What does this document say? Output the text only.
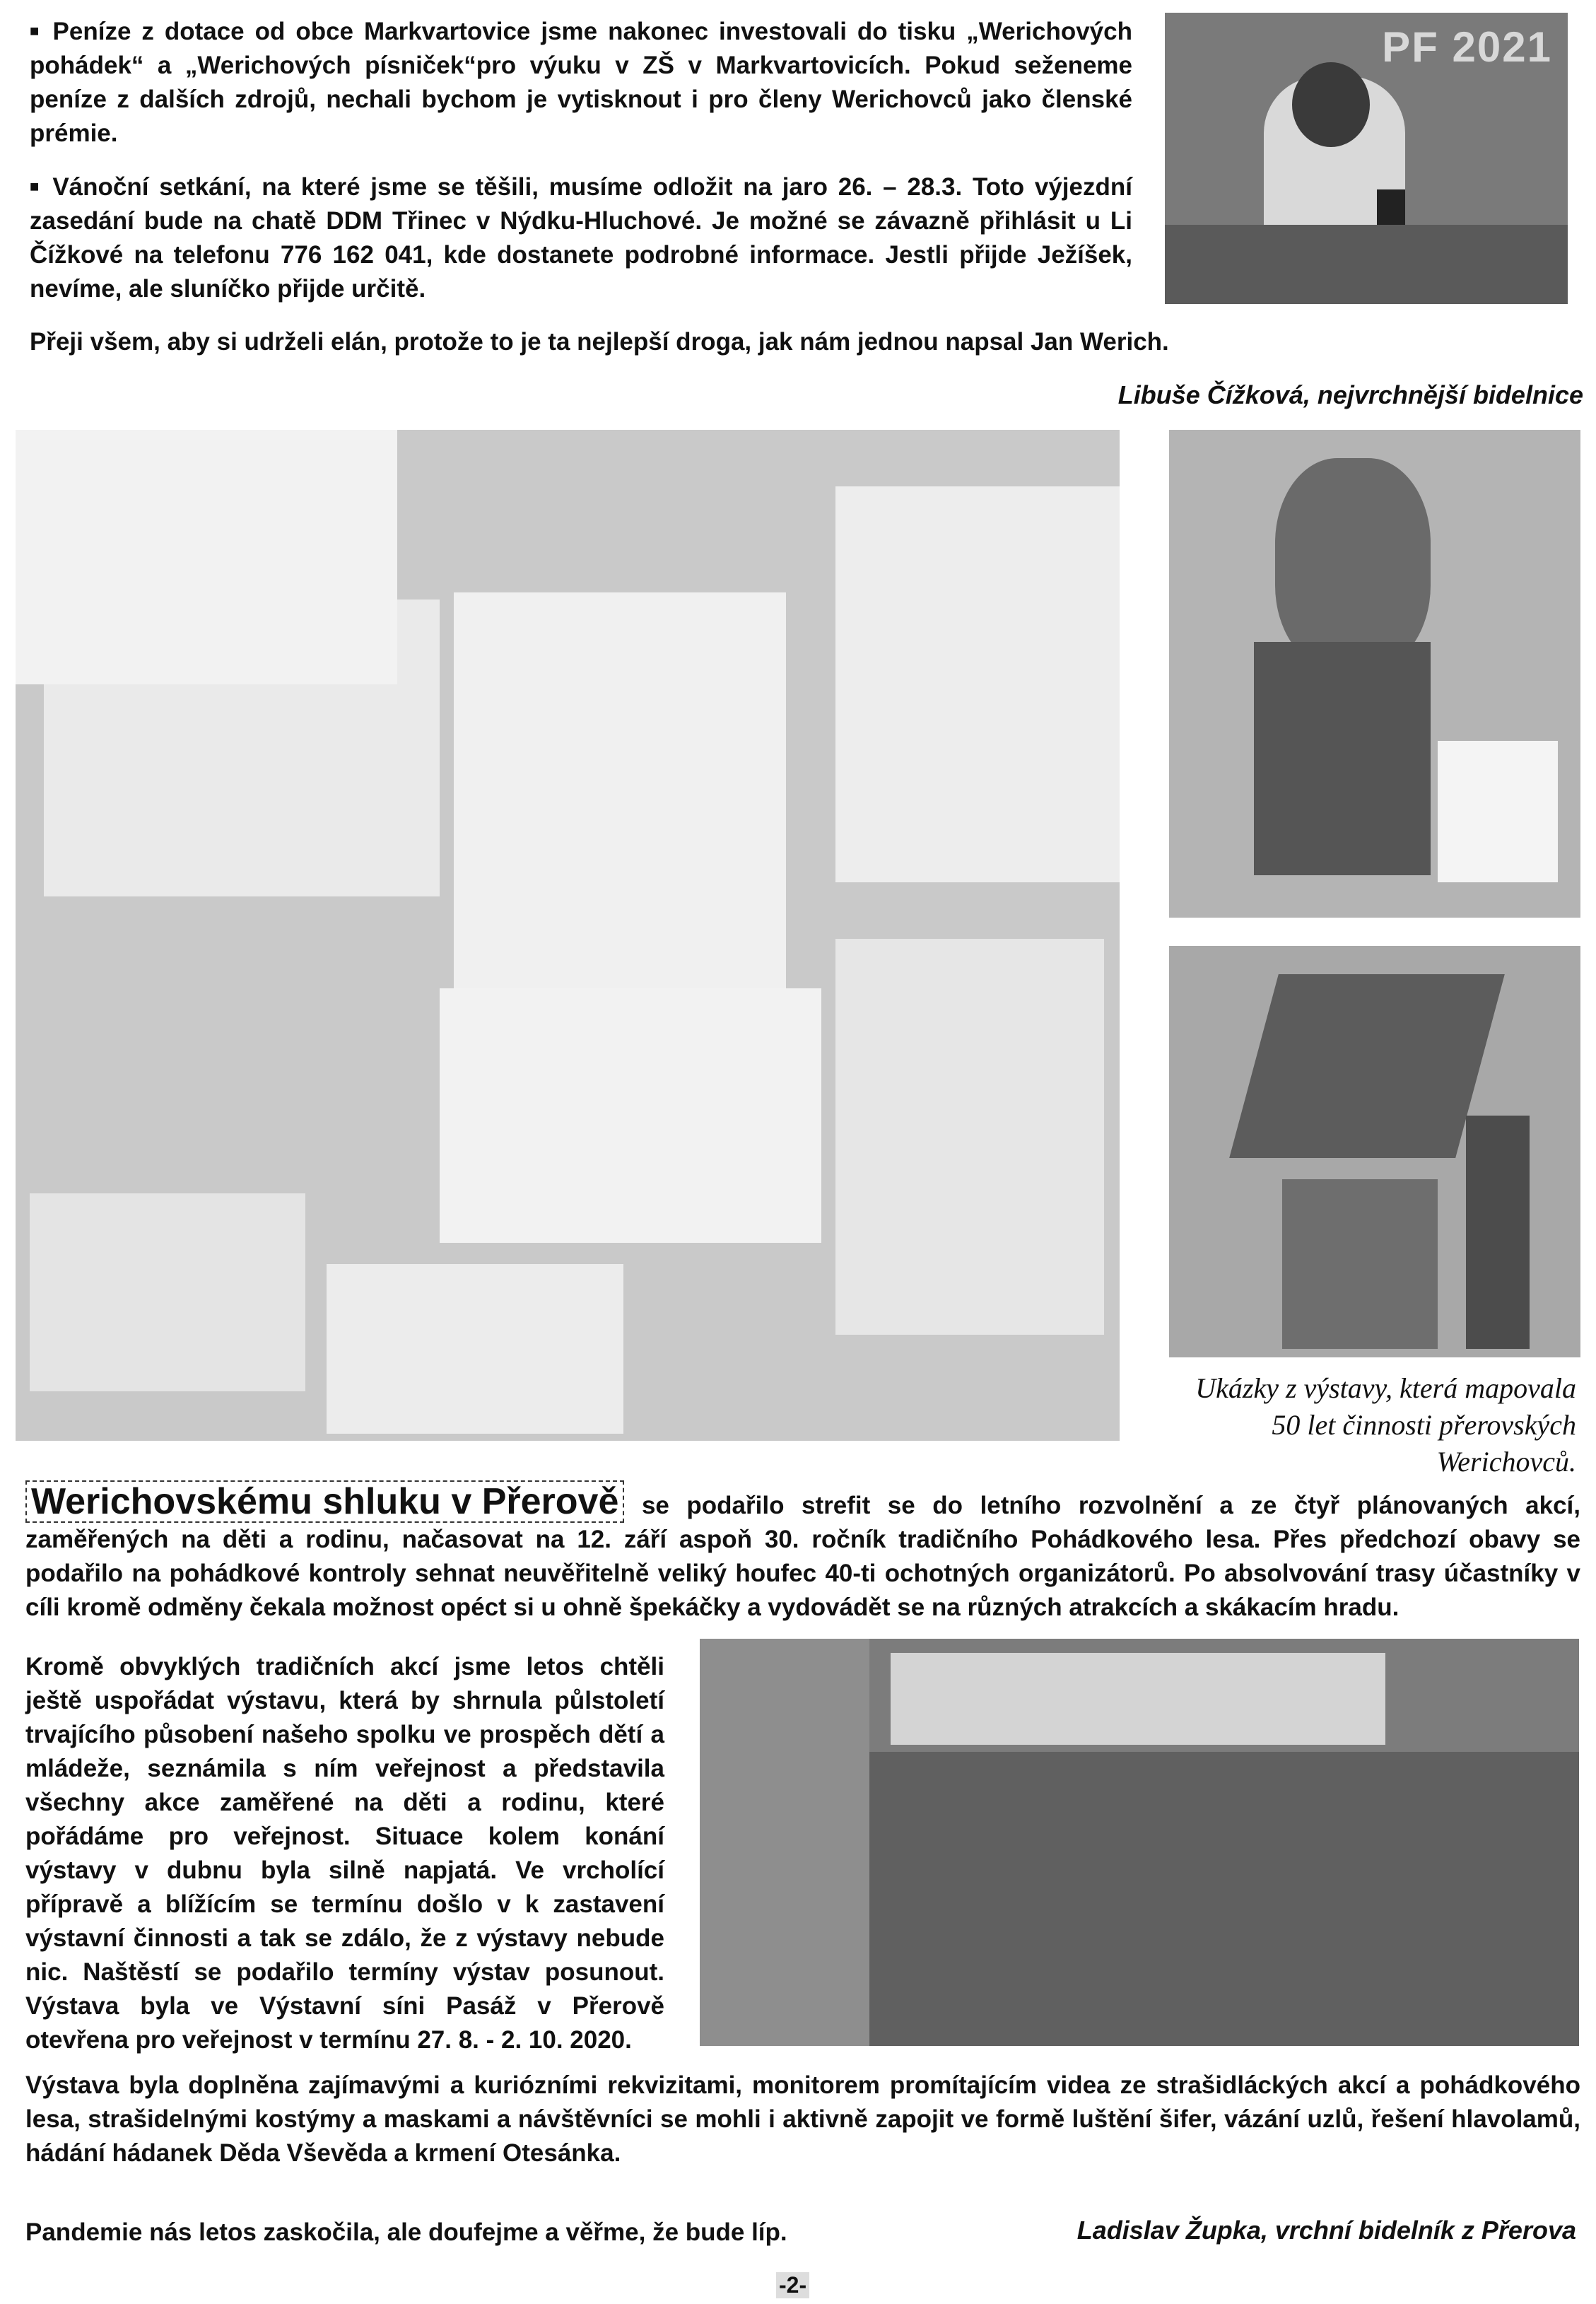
■ Peníze z dotace od obce Markvartovice jsme nakonec investovali do tisku „Werichových pohádek“ a „Werichových písniček“pro výuku v ZŠ v Markvartovicích. Pokud seženeme peníze z dalších zdrojů, nechali bychom je vytisknout i pro členy Werichovců jako členské prémie.

■ Vánoční setkání, na které jsme se těšili, musíme odložit na jaro 26. – 28.3. Toto výjezdní zasedání bude na chatě DDM Třinec v Nýdku-Hluchové. Je možné se závazně přihlásit u Li Čížkové na telefonu 776 162 041, kde dostanete podrobné informace. Jestli přijde Ježíšek, nevíme, ale sluníčko přijde určitě.

Přeji všem, aby si udrželi elán, protože to je ta nejlepší droga, jak nám jednou napsal Jan Werich.

PF 2021
Libuše Čížková, nejvrchnější bidelnice
Ukázky z výstavy, která mapovala 50 let činnosti přerovských Werichovců.
Werichovskému shluku v Přerově se podařilo strefit se do letního rozvolnění a ze čtyř plánovaných akcí, zaměřených na děti a rodinu, načasovat na 12. září aspoň 30. ročník tradičního Pohádkového lesa. Přes předchozí obavy se podařilo na pohádkové kontroly sehnat neuvěřitelně veliký houfec 40-ti ochotných organizátorů. Po absolvování trasy účastníky v cíli kromě odměny čekala možnost opéct si u ohně špekáčky a vydovádět se na různých atrakcích a skákacím hradu.

Kromě obvyklých tradičních akcí jsme letos chtěli ještě uspořádat výstavu, která by shrnula půlstoletí trvajícího působení našeho spolku ve prospěch dětí a mládeže, seznámila s ním veřejnost a představila všechny akce zaměřené na děti a rodinu, které pořádáme pro veřejnost. Situace kolem konání výstavy v dubnu byla silně napjatá. Ve vrcholící přípravě a blížícím se termínu došlo v k zastavení výstavní činnosti a tak se zdálo, že z výstavy nebude nic. Naštěstí se podařilo termíny výstav posunout. Výstava byla ve Výstavní síni Pasáž v Přerově otevřena pro veřejnost v termínu 27. 8. - 2. 10. 2020.

Výstava byla doplněna zajímavými a kuriózními rekvizitami, monitorem promítajícím videa ze strašidláckých akcí a pohádkového lesa, strašidelnými kostýmy a maskami a návštěvníci se mohli i aktivně zapojit ve formě luštění šifer, vázání uzlů, řešení hlavolamů, hádání hádanek Děda Vševěda a krmení Otesánka.

Pandemie nás letos zaskočila, ale doufejme a věřme, že bude líp.	Ladislav Župka, vrchní bidelník z Přerova
-2-
